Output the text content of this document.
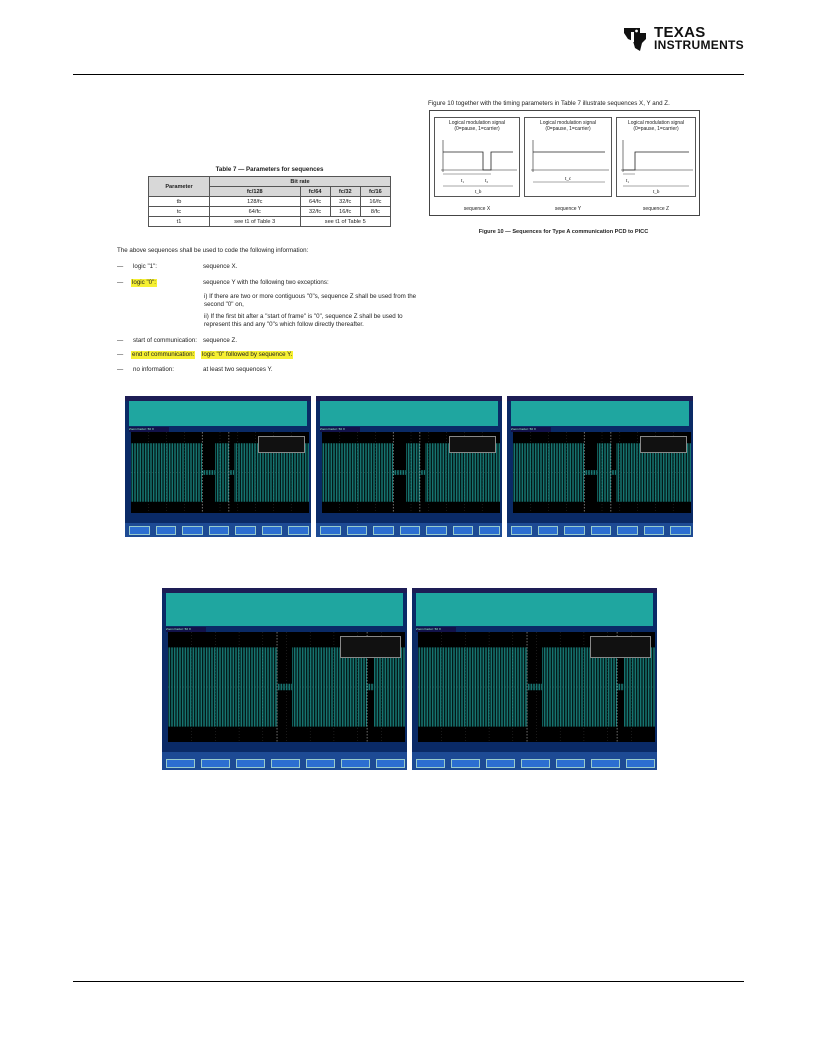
TEXAS
INSTRUMENTS
Figure 10 together with the timing parameters in Table 7 illustrate sequences X, Y and Z.
Logical modulation signal
(0=pause, 1=carrier)
t₁	t₂
t_b
sequence X
Logical modulation signal
(0=pause, 1=carrier)
t_c
sequence Y
Logical modulation signal
(0=pause, 1=carrier)
t₁
t_b
sequence Z
Figure 10 — Sequences for Type A communication PCD to PICC
Table 7 — Parameters for sequences
Parameter	Bit rate			
	fc/128	fc/64	fc/32	fc/16
tb	128/fc	64/fc	32/fc	16/fc
tc	64/fc	32/fc	16/fc	8/fc
t1	see t1 of Table 3	see t1 of Table 5		
The above sequences shall be used to code the following information:
— logic "1":	sequence X.
— logic "0":	sequence Y with the following two exceptions:
i) If there are two or more contiguous "0"s, sequence Z shall be used from the second "0" on,
ii) If the first bit after a "start of frame" is "0", sequence Z shall be used to represent this and any "0"s which follow directly thereafter.
— start of communication: sequence Z.
— end of communication: logic "0" followed by sequence Y.
— no information:	at least two sequences Y.
Zoom Factor: 50 X	Zoom Factor: 50 X	Zoom Factor: 50 X
Zoom Factor: 50 X	Zoom Factor: 50 X
